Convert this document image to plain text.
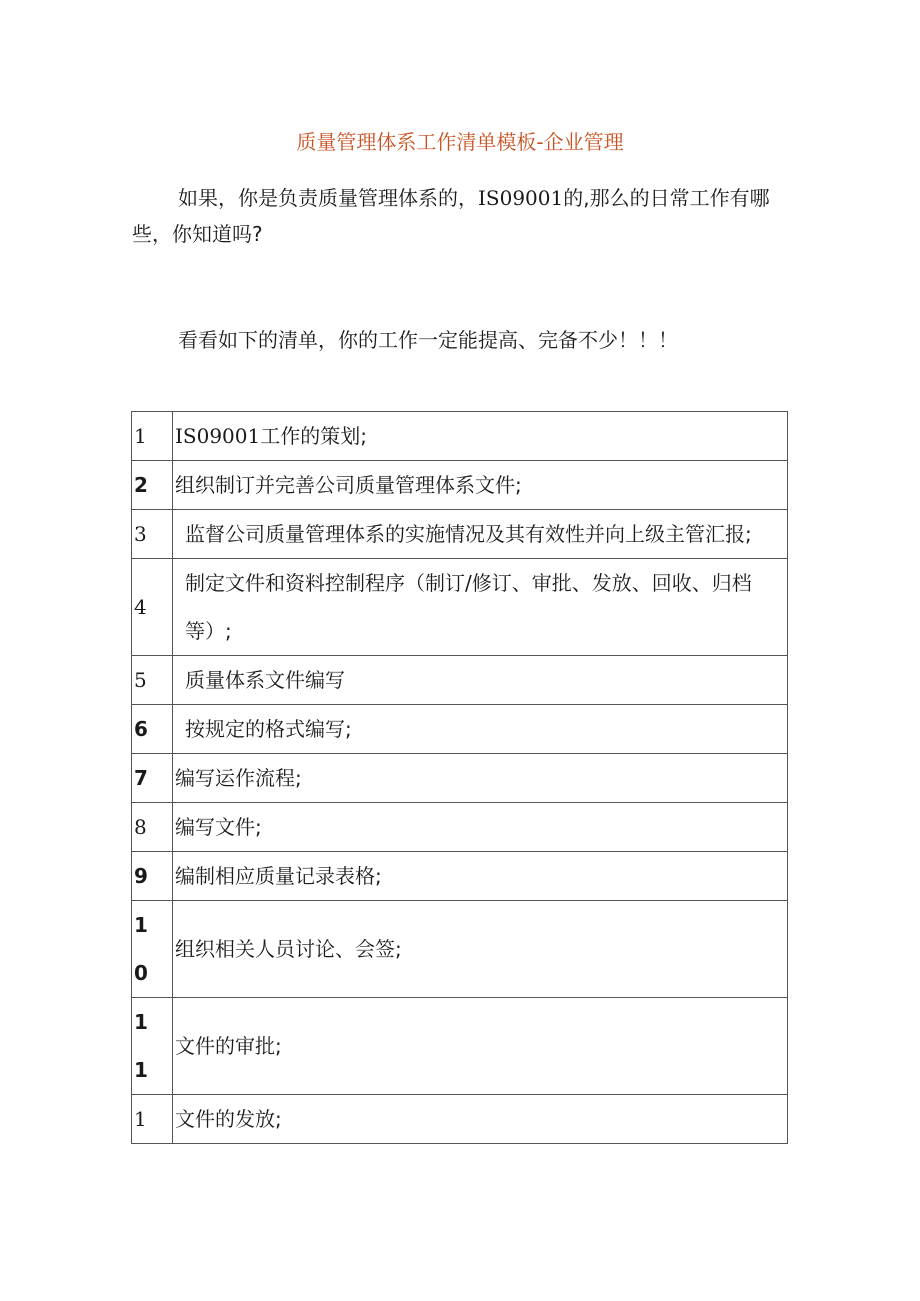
质量管理体系工作清单模板-企业管理

如果，你是负责质量管理体系的，IS09001的,那么的日常工作有哪些，你知道吗?

看看如下的清单，你的工作一定能提高、完备不少！！！

1	IS09001工作的策划;
2	组织制订并完善公司质量管理体系文件;
3	监督公司质量管理体系的实施情况及其有效性并向上级主管汇报;
4	制定文件和资料控制程序（制订/修订、审批、发放、回收、归档等）;
5	质量体系文件编写
6	按规定的格式编写;
7	编写运作流程;
8	编写文件;
9	编制相应质量记录表格;

1
0	组织相关人员讨论、会签;

1
1	文件的审批;
1	文件的发放;
